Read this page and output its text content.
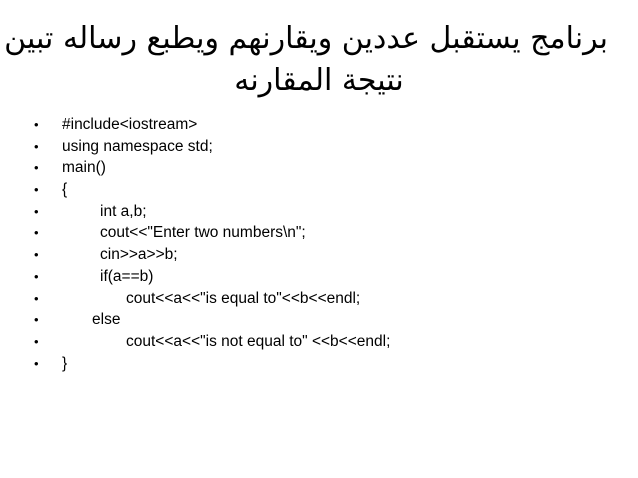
برنامج يستقبل عددين ويقارنهم ويطبع رساله تبين
نتيجة المقارنه

•

#include<iostream>

•

using namespace std;

•

main()

•

{

•

	int a,b;

•

	cout<<"Enter two numbers\n";

•

	cin>>a>>b;

•

	if(a==b)

•

	cout<<a<<"is equal to"<<b<<endl;

•

	else

•

	cout<<a<<"is not equal to" <<b<<endl;

•

}
